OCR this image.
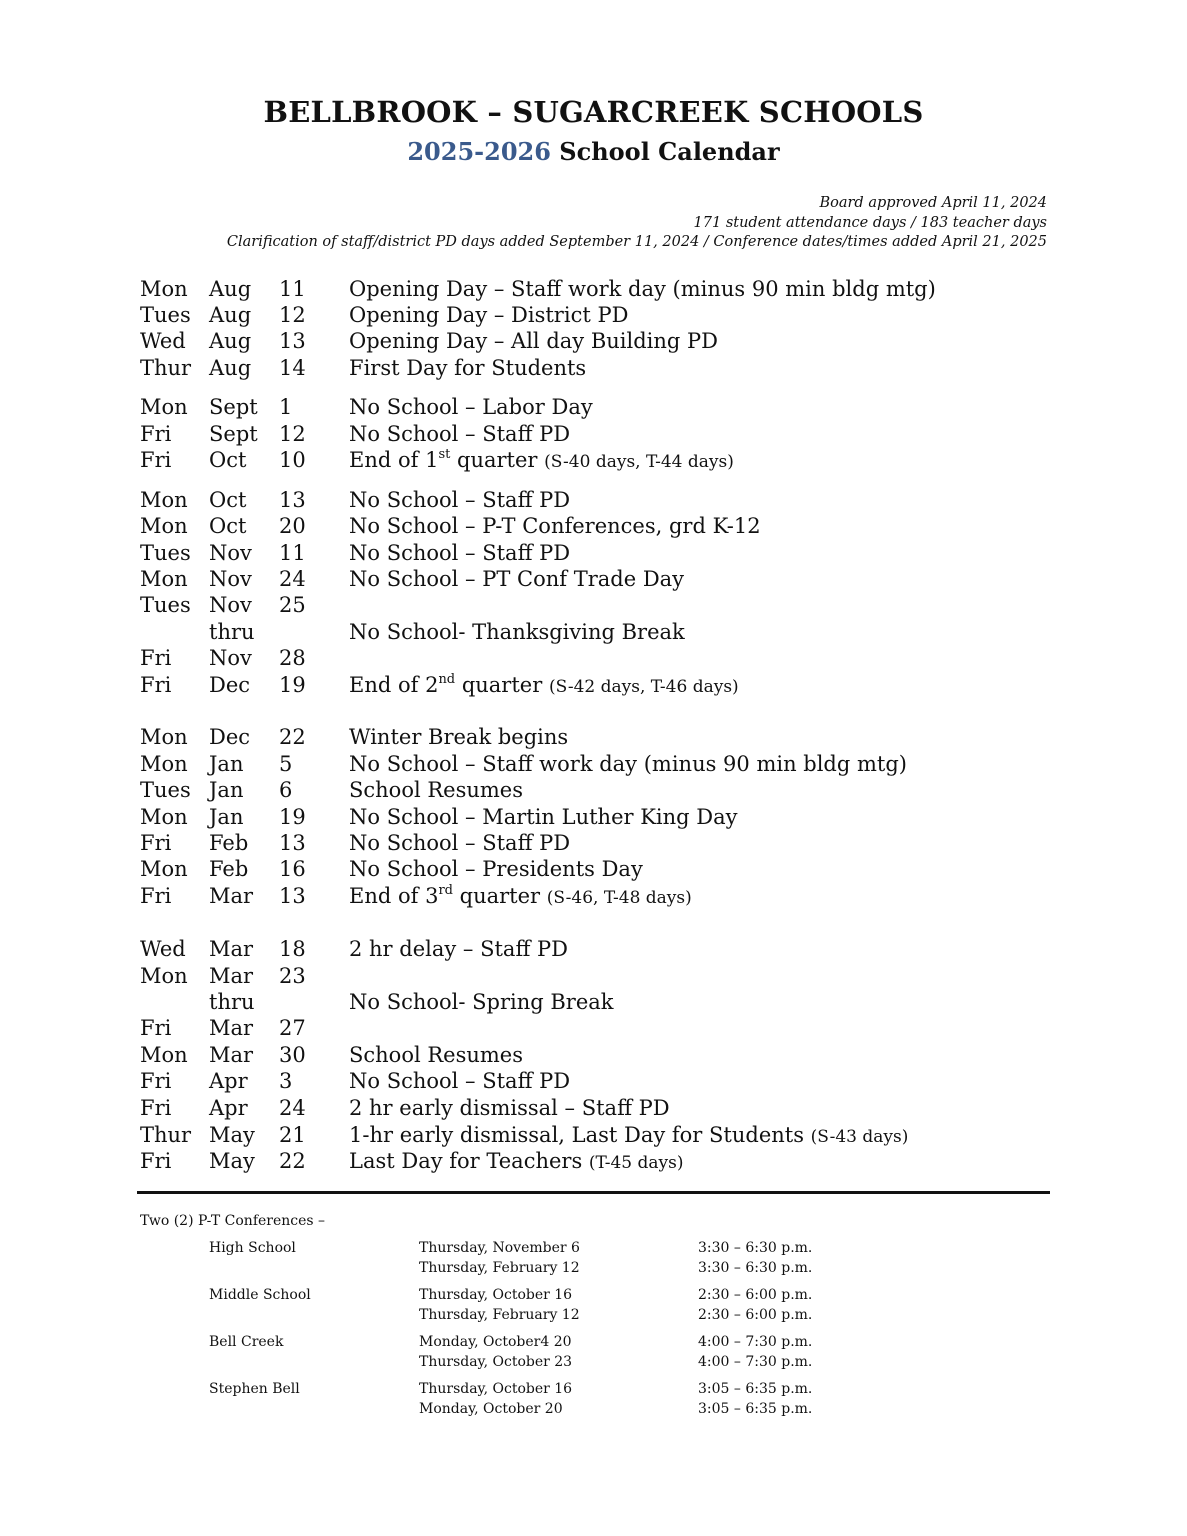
BELLBROOK – SUGARCREEK SCHOOLS
2025-2026 School Calendar
Board approved April 11, 2024
171 student attendance days / 183 teacher days
Clarification of staff/district PD days added September 11, 2024 / Conference dates/times added April 21, 2025
Mon Aug 11 Opening Day – Staff work day (minus 90 min bldg mtg)
Tues Aug 12 Opening Day – District PD
Wed Aug 13 Opening Day – All day Building PD
Thur Aug 14 First Day for Students
Mon Sept 1	No School – Labor Day
Fri Sept 12 No School – Staff PD
Fri Oct 10 End of 1st quarter (S-40 days, T-44 days)
Mon Oct 13 No School – Staff PD
Mon Oct 20 No School – P-T Conferences, grd K-12
Tues Nov 11 No School – Staff PD
Mon Nov 24 No School – PT Conf Trade Day
Tues Nov 25
thru	No School- Thanksgiving Break
Fri Nov 28
Fri Dec 19 End of 2nd quarter (S-42 days, T-46 days)
Mon Dec 22 Winter Break begins
Mon Jan 5	No School – Staff work day (minus 90 min bldg mtg)
Tues Jan 6	School Resumes
Mon Jan 19 No School – Martin Luther King Day
Fri Feb 13 No School – Staff PD
Mon Feb 16 No School – Presidents Day
Fri Mar 13 End of 3rd quarter (S-46, T-48 days)
Wed Mar 18 2 hr delay – Staff PD
Mon Mar 23
thru	No School- Spring Break
Fri Mar 27
Mon Mar 30 School Resumes
Fri Apr 3	No School – Staff PD
Fri Apr 24 2 hr early dismissal – Staff PD
Thur May 21 1-hr early dismissal, Last Day for Students (S-43 days)
Fri May 22 Last Day for Teachers (T-45 days)
Two (2) P-T Conferences –
High School	Thursday, November 6	3:30 – 6:30 p.m.
Thursday, February 12	3:30 – 6:30 p.m.
Middle School	Thursday, October 16	2:30 – 6:00 p.m.
Thursday, February 12	2:30 – 6:00 p.m.
Bell Creek	Monday, October4 20	4:00 – 7:30 p.m.
Thursday, October 23	4:00 – 7:30 p.m.
Stephen Bell	Thursday, October 16	3:05 – 6:35 p.m.
Monday, October 20	3:05 – 6:35 p.m.
